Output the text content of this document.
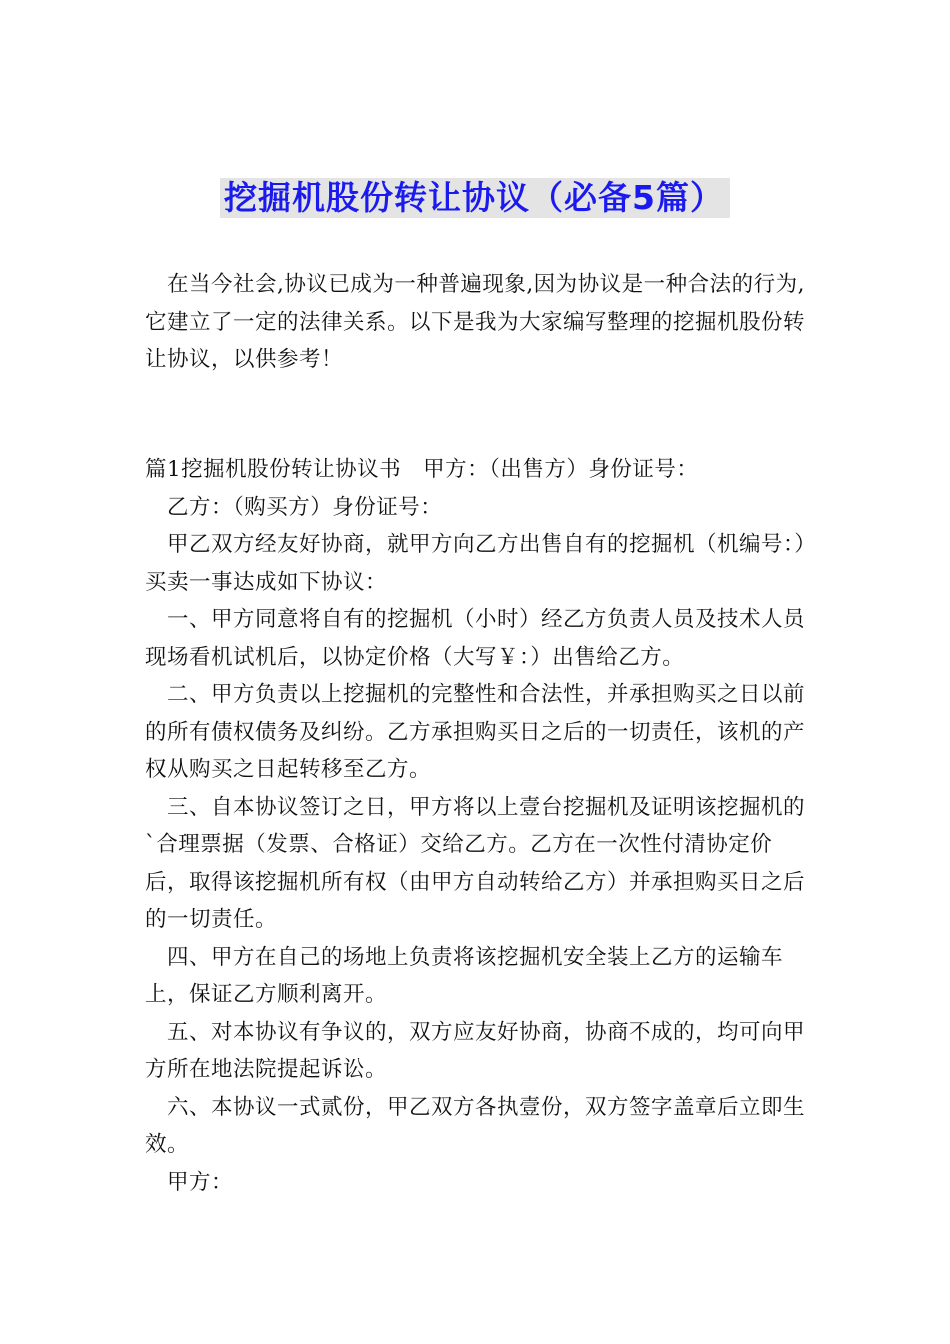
挖掘机股份转让协议（必备5篇）

在当今社会,协议已成为一种普遍现象,因为协议是一种合法的行为,它建立了一定的法律关系。以下是我为大家编写整理的挖掘机股份转让协议，以供参考！

篇1挖掘机股份转让协议书　甲方：（出售方）身份证号：

乙方：（购买方）身份证号：

甲乙双方经友好协商，就甲方向乙方出售自有的挖掘机（机编号：）买卖一事达成如下协议：

一、甲方同意将自有的挖掘机（小时）经乙方负责人员及技术人员现场看机试机后，以协定价格（大写￥：）出售给乙方。

二、甲方负责以上挖掘机的完整性和合法性，并承担购买之日以前的所有债权债务及纠纷。乙方承担购买日之后的一切责任，该机的产权从购买之日起转移至乙方。

三、自本协议签订之日，甲方将以上壹台挖掘机及证明该挖掘机的`合理票据（发票、合格证）交给乙方。乙方在一次性付清协定价后，取得该挖掘机所有权（由甲方自动转给乙方）并承担购买日之后的一切责任。

四、甲方在自己的场地上负责将该挖掘机安全装上乙方的运输车上，保证乙方顺利离开。

五、对本协议有争议的，双方应友好协商，协商不成的，均可向甲方所在地法院提起诉讼。

六、本协议一式贰份，甲乙双方各执壹份，双方签字盖章后立即生效。

甲方：
